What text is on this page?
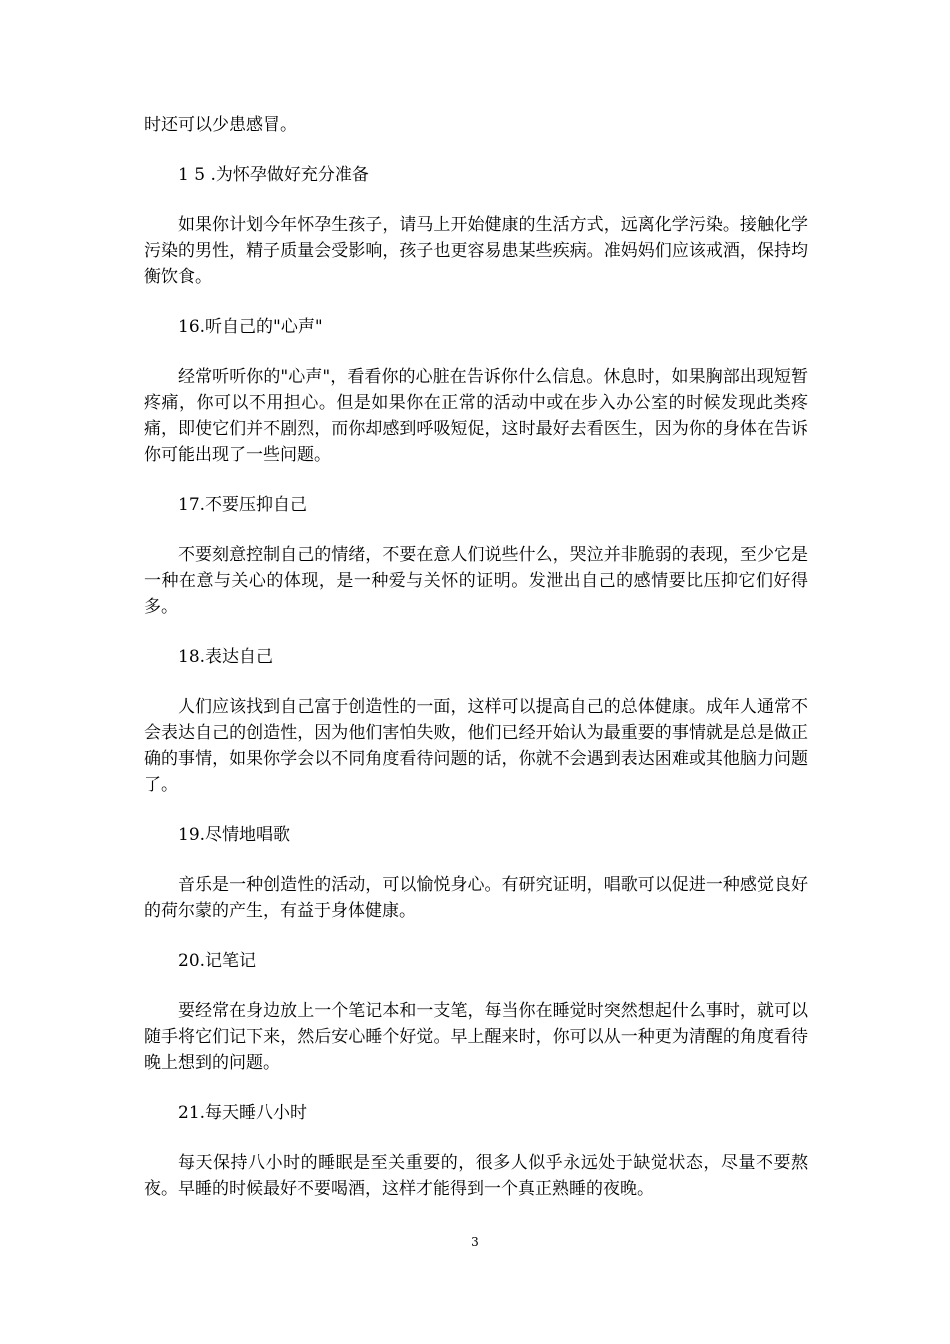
时还可以少患感冒。

1 5 .为怀孕做好充分准备

如果你计划今年怀孕生孩子，请马上开始健康的生活方式，远离化学污染。接触化学污染的男性，精子质量会受影响，孩子也更容易患某些疾病。准妈妈们应该戒酒，保持均衡饮食。

16.听自己的"心声"

经常听听你的"心声"，看看你的心脏在告诉你什么信息。休息时，如果胸部出现短暂疼痛，你可以不用担心。但是如果你在正常的活动中或在步入办公室的时候发现此类疼痛，即使它们并不剧烈，而你却感到呼吸短促，这时最好去看医生，因为你的身体在告诉你可能出现了一些问题。

17.不要压抑自己

不要刻意控制自己的情绪，不要在意人们说些什么，哭泣并非脆弱的表现，至少它是一种在意与关心的体现，是一种爱与关怀的证明。发泄出自己的感情要比压抑它们好得多。

18.表达自己

人们应该找到自己富于创造性的一面，这样可以提高自己的总体健康。成年人通常不会表达自己的创造性，因为他们害怕失败，他们已经开始认为最重要的事情就是总是做正确的事情，如果你学会以不同角度看待问题的话，你就不会遇到表达困难或其他脑力问题了。

19.尽情地唱歌

音乐是一种创造性的活动，可以愉悦身心。有研究证明，唱歌可以促进一种感觉良好的荷尔蒙的产生，有益于身体健康。

20.记笔记

要经常在身边放上一个笔记本和一支笔，每当你在睡觉时突然想起什么事时，就可以随手将它们记下来，然后安心睡个好觉。早上醒来时，你可以从一种更为清醒的角度看待晚上想到的问题。

21.每天睡八小时

每天保持八小时的睡眠是至关重要的，很多人似乎永远处于缺觉状态，尽量不要熬夜。早睡的时候最好不要喝酒，这样才能得到一个真正熟睡的夜晚。

3
